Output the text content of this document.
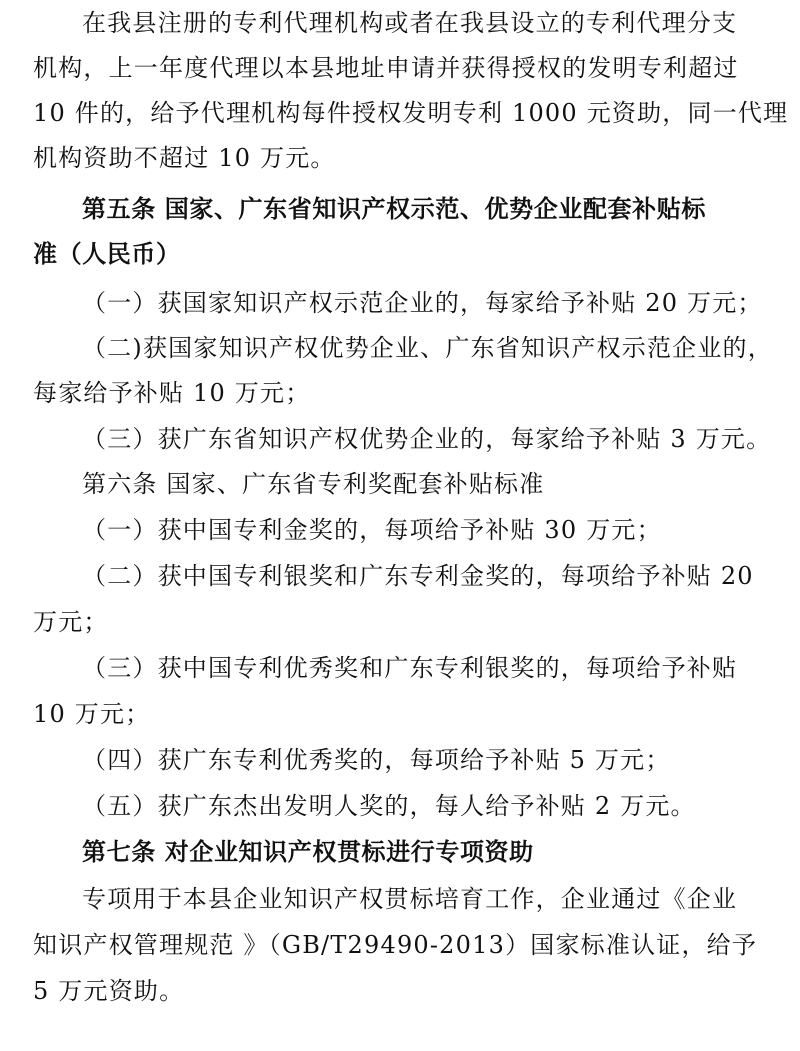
在我县注册的专利代理机构或者在我县设立的专利代理分支
机构，上一年度代理以本县地址申请并获得授权的发明专利超过
10 件的，给予代理机构每件授权发明专利 1000 元资助，同一代理
机构资助不超过 10 万元。
第五条 国家、广东省知识产权示范、优势企业配套补贴标
准（人民币）
（一）获国家知识产权示范企业的，每家给予补贴 20 万元；
（二)获国家知识产权优势企业、广东省知识产权示范企业的，
每家给予补贴 10 万元；
（三）获广东省知识产权优势企业的，每家给予补贴 3 万元。
第六条 国家、广东省专利奖配套补贴标准
（一）获中国专利金奖的，每项给予补贴 30 万元；
（二）获中国专利银奖和广东专利金奖的，每项给予补贴 20
万元；
（三）获中国专利优秀奖和广东专利银奖的，每项给予补贴
10 万元；
（四）获广东专利优秀奖的，每项给予补贴 5 万元；
（五）获广东杰出发明人奖的，每人给予补贴 2 万元。
第七条 对企业知识产权贯标进行专项资助
专项用于本县企业知识产权贯标培育工作，企业通过《企业
知识产权管理规范 》（GB/T29490-2013）国家标准认证，给予
5 万元资助。
